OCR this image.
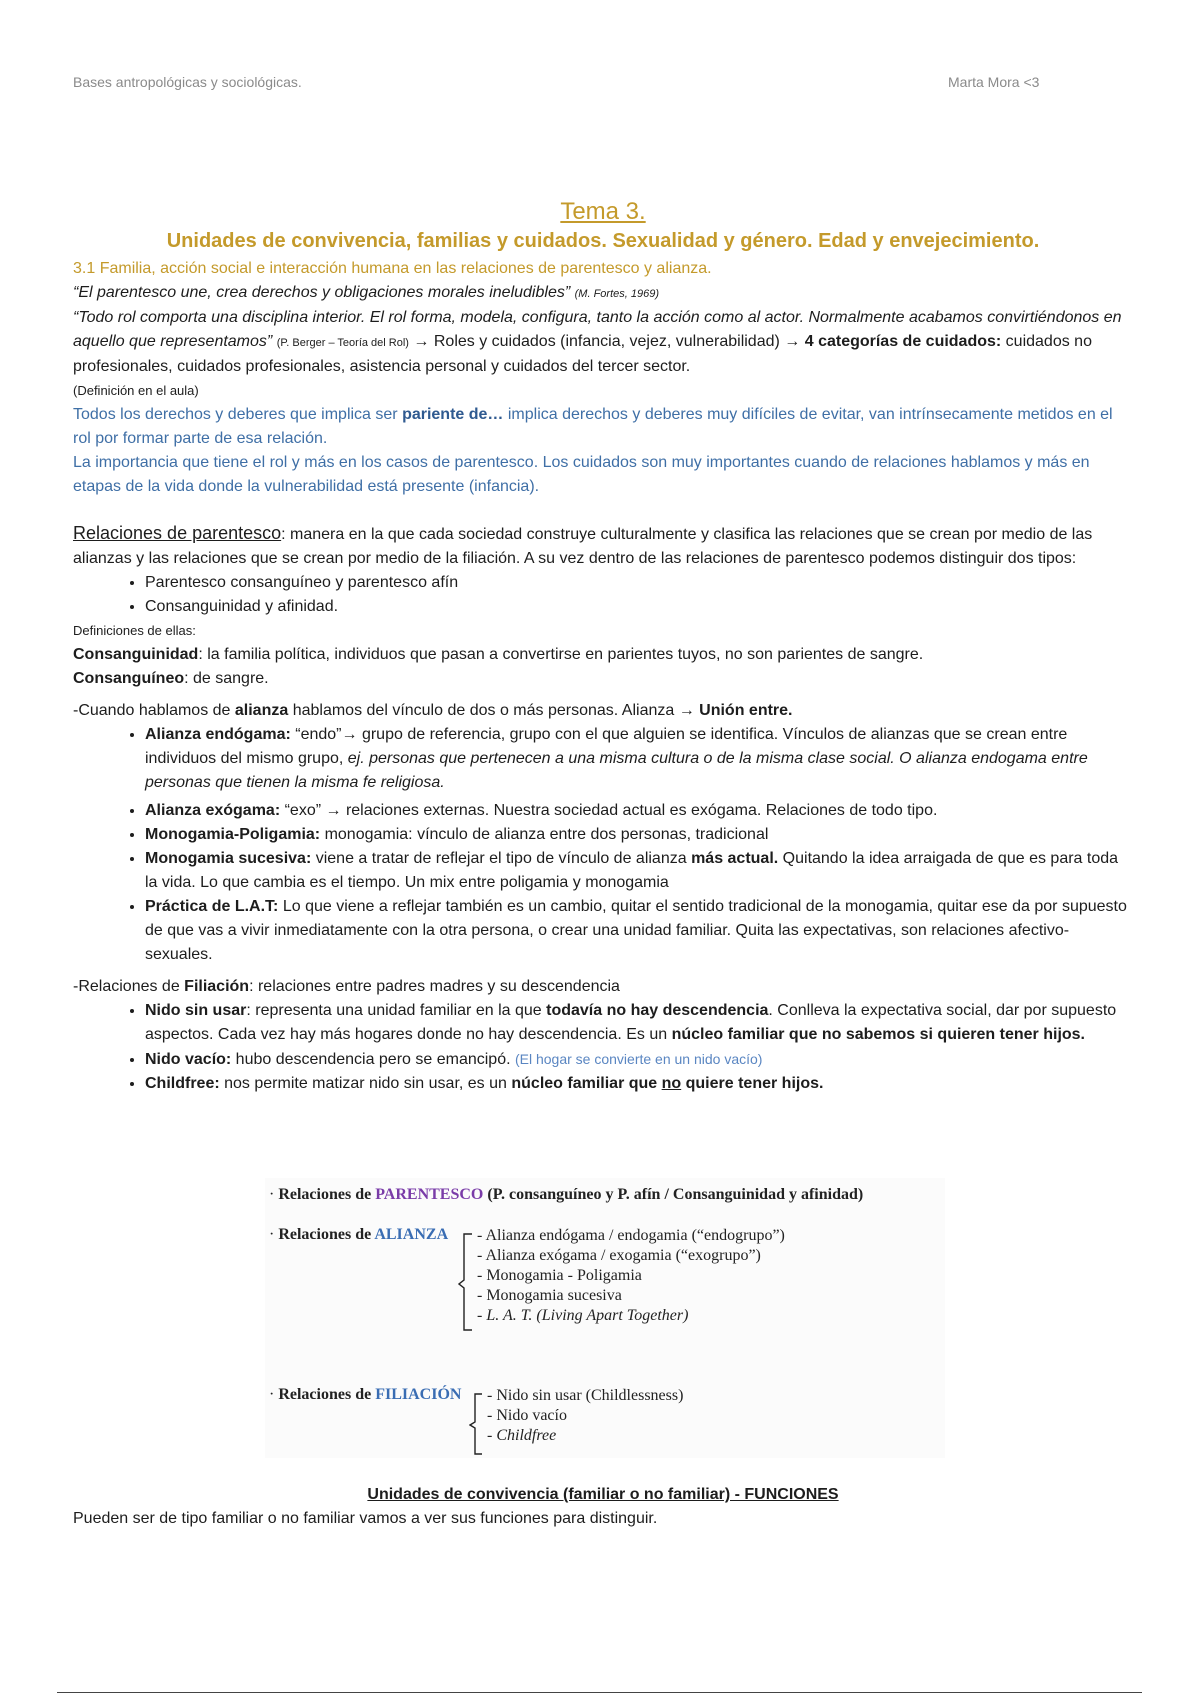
Bases antropológicas y sociológicas.	Marta Mora <3

Tema 3.

Unidades de convivencia, familias y cuidados. Sexualidad y género. Edad y envejecimiento.

3.1 Familia, acción social e interacción humana en las relaciones de parentesco y alianza.

“El parentesco une, crea derechos y obligaciones morales ineludibles” (M. Fortes, 1969)

“Todo rol comporta una disciplina interior. El rol forma, modela, configura, tanto la acción como al actor. Normalmente acabamos convirtiéndonos en aquello que representamos” (P. Berger – Teoría del Rol) → Roles y cuidados (infancia, vejez, vulnerabilidad) → 4 categorías de cuidados: cuidados no profesionales, cuidados profesionales, asistencia personal y cuidados del tercer sector.

(Definición en el aula)

Todos los derechos y deberes que implica ser pariente de… implica derechos y deberes muy difíciles de evitar, van intrínsecamente metidos en el rol por formar parte de esa relación.

La importancia que tiene el rol y más en los casos de parentesco. Los cuidados son muy importantes cuando de relaciones hablamos y más en etapas de la vida donde la vulnerabilidad está presente (infancia).

Relaciones de parentesco: manera en la que cada sociedad construye culturalmente y clasifica las relaciones que se crean por medio de las alianzas y las relaciones que se crean por medio de la filiación. A su vez dentro de las relaciones de parentesco podemos distinguir dos tipos:

• Parentesco consanguíneo y parentesco afín
• Consanguinidad y afinidad.

Definiciones de ellas:

Consanguinidad: la familia política, individuos que pasan a convertirse en parientes tuyos, no son parientes de sangre.

Consanguíneo: de sangre.

-Cuando hablamos de alianza hablamos del vínculo de dos o más personas. Alianza → Unión entre.

• Alianza endógama: “endo”→ grupo de referencia, grupo con el que alguien se identifica. Vínculos de alianzas que se crean entre individuos del mismo grupo, ej. personas que pertenecen a una misma cultura o de la misma clase social. O alianza endogama entre personas que tienen la misma fe religiosa.
• Alianza exógama: “exo” → relaciones externas. Nuestra sociedad actual es exógama. Relaciones de todo tipo.
• Monogamia-Poligamia: monogamia: vínculo de alianza entre dos personas, tradicional
• Monogamia sucesiva: viene a tratar de reflejar el tipo de vínculo de alianza más actual. Quitando la idea arraigada de que es para toda la vida. Lo que cambia es el tiempo. Un mix entre poligamia y monogamia
• Práctica de L.A.T: Lo que viene a reflejar también es un cambio, quitar el sentido tradicional de la monogamia, quitar ese da por supuesto de que vas a vivir inmediatamente con la otra persona, o crear una unidad familiar. Quita las expectativas, son relaciones afectivo-sexuales.

-Relaciones de Filiación: relaciones entre padres madres y su descendencia

• Nido sin usar: representa una unidad familiar en la que todavía no hay descendencia. Conlleva la expectativa social, dar por supuesto aspectos. Cada vez hay más hogares donde no hay descendencia. Es un núcleo familiar que no sabemos si quieren tener hijos.
• Nido vacío: hubo descendencia pero se emancipó. (El hogar se convierte en un nido vacío)
• Childfree: nos permite matizar nido sin usar, es un núcleo familiar que no quiere tener hijos.
· Relaciones de PARENTESCO (P. consanguíneo y P. afín / Consanguinidad y afinidad)
· Relaciones de ALIANZA - Alianza endógama / endogamia (“endogrupo”)
- Alianza exógama / exogamia (“exogrupo”)
- Monogamia - Poligamia
- Monogamia sucesiva
- L. A. T. (Living Apart Together)
· Relaciones de FILIACIÓN - Nido sin usar (Childlessness)
- Nido vacío
- Childfree

Unidades de convivencia (familiar o no familiar) - FUNCIONES

Pueden ser de tipo familiar o no familiar vamos a ver sus funciones para distinguir.
